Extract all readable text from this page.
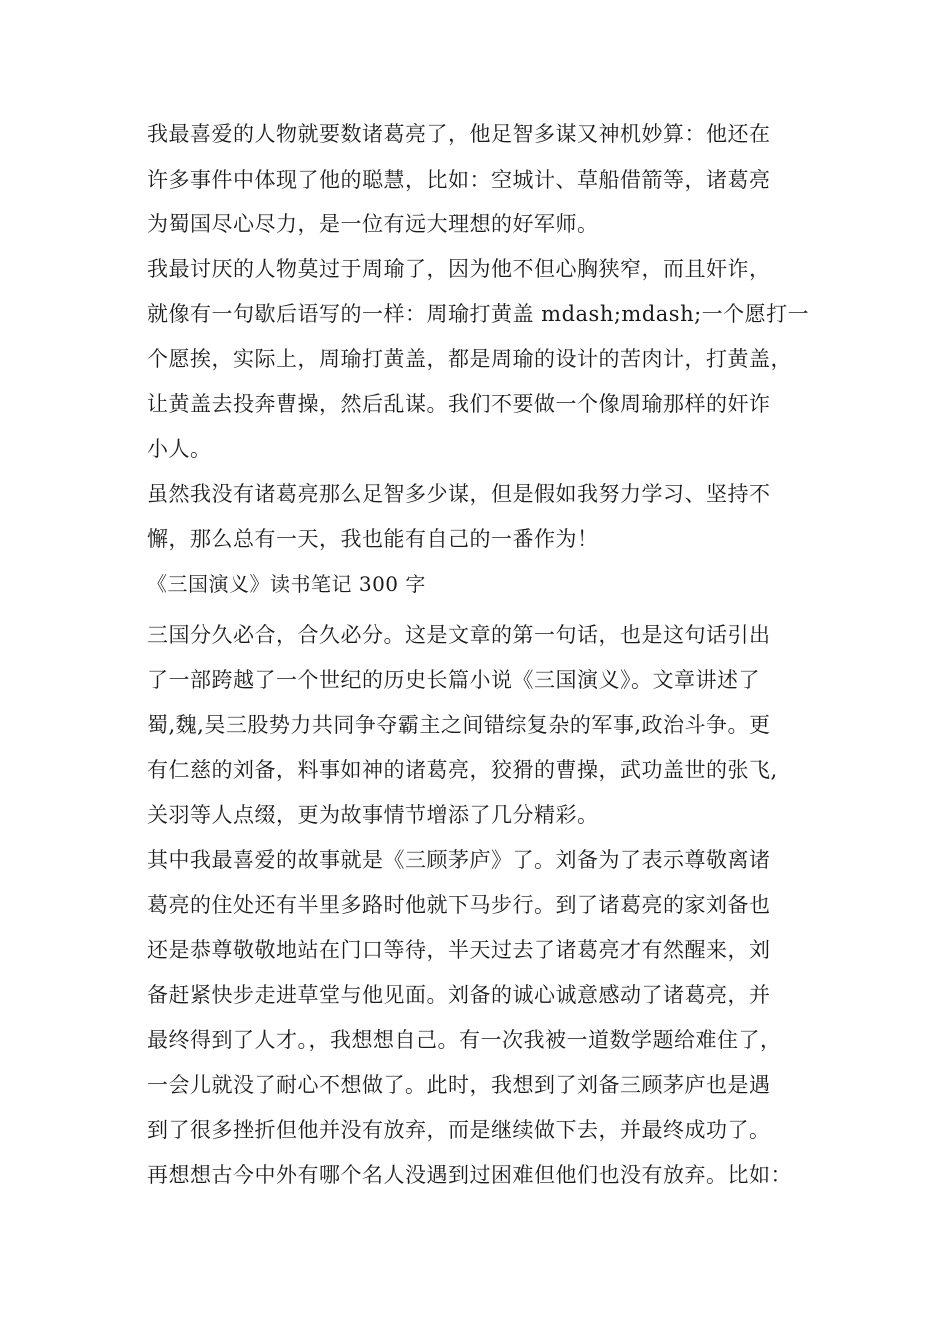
我最喜爱的人物就要数诸葛亮了，他足智多谋又神机妙算：他还在
许多事件中体现了他的聪慧，比如：空城计、草船借箭等，诸葛亮
为蜀国尽心尽力，是一位有远大理想的好军师。
我最讨厌的人物莫过于周瑜了，因为他不但心胸狭窄，而且奸诈，
就像有一句歇后语写的一样：周瑜打黄盖 mdash;mdash;一个愿打一
个愿挨，实际上，周瑜打黄盖，都是周瑜的设计的苦肉计，打黄盖，
让黄盖去投奔曹操，然后乱谋。我们不要做一个像周瑜那样的奸诈
小人。
虽然我没有诸葛亮那么足智多少谋，但是假如我努力学习、坚持不
懈，那么总有一天，我也能有自己的一番作为！
《三国演义》读书笔记 300 字
三国分久必合，合久必分。这是文章的第一句话，也是这句话引出
了一部跨越了一个世纪的历史长篇小说《三国演义》。文章讲述了
蜀,魏,吴三股势力共同争夺霸主之间错综复杂的军事,政治斗争。更
有仁慈的刘备，料事如神的诸葛亮，狡猾的曹操，武功盖世的张飞,
关羽等人点缀，更为故事情节增添了几分精彩。
其中我最喜爱的故事就是《三顾茅庐》了。刘备为了表示尊敬离诸
葛亮的住处还有半里多路时他就下马步行。到了诸葛亮的家刘备也
还是恭尊敬敬地站在门口等待，半天过去了诸葛亮才有然醒来，刘
备赶紧快步走进草堂与他见面。刘备的诚心诚意感动了诸葛亮，并
最终得到了人才。，我想想自己。有一次我被一道数学题给难住了，
一会儿就没了耐心不想做了。此时，我想到了刘备三顾茅庐也是遇
到了很多挫折但他并没有放弃，而是继续做下去，并最终成功了。
再想想古今中外有哪个名人没遇到过困难但他们也没有放弃。比如：
